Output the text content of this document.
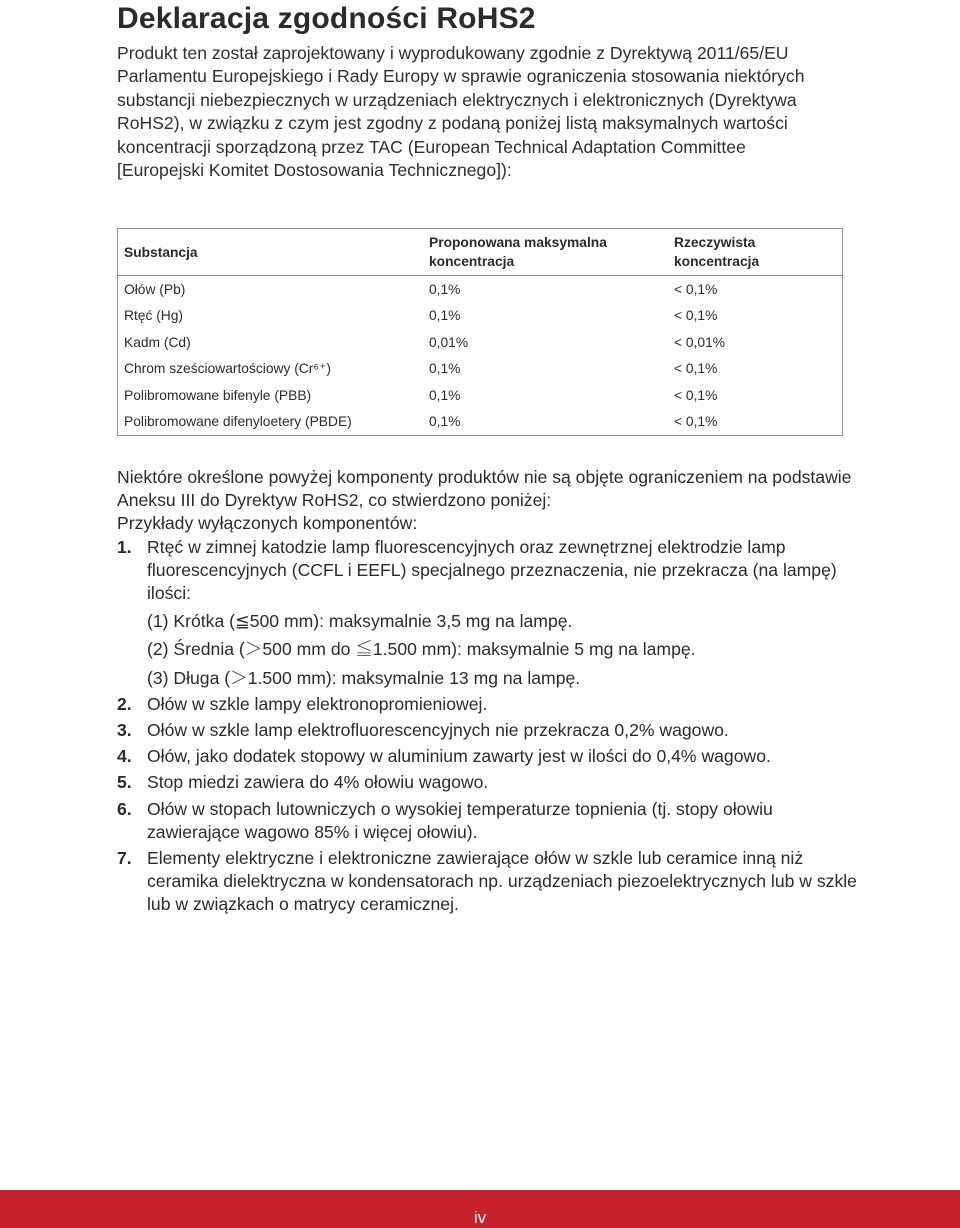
Deklaracja zgodności RoHS2

Produkt ten został zaprojektowany i wyprodukowany zgodnie z Dyrektywą 2011/65/EU Parlamentu Europejskiego i Rady Europy w sprawie ograniczenia stosowania niektórych substancji niebezpiecznych w urządzeniach elektrycznych i elektronicznych (Dyrektywa RoHS2), w związku z czym jest zgodny z podaną poniżej listą maksymalnych wartości koncentracji sporządzoną przez TAC (European Technical Adaptation Committee [Europejski Komitet Dostosowania Technicznego]):

Substancja	Proponowana maksymalna koncentracja	Rzeczywista koncentracja
Ołów (Pb)	0,1%	< 0,1%
Rtęć (Hg)	0,1%	< 0,1%
Kadm (Cd)	0,01%	< 0,01%
Chrom sześciowartościowy (Cr⁶⁺)	0,1%	< 0,1%
Polibromowane bifenyle (PBB)	0,1%	< 0,1%
Polibromowane difenyloetery (PBDE)	0,1%	< 0,1%

Niektóre określone powyżej komponenty produktów nie są objęte ograniczeniem na podstawie Aneksu III do Dyrektyw RoHS2, co stwierdzono poniżej:

Przykłady wyłączonych komponentów:

1. Rtęć w zimnej katodzie lamp fluorescencyjnych oraz zewnętrznej elektrodzie lamp fluorescencyjnych (CCFL i EEFL) specjalnego przeznaczenia, nie przekracza (na lampę) ilości:
(1) Krótka (≦500 mm): maksymalnie 3,5 mg na lampę.
(2) Średnia (＞500 mm do ≦1.500 mm): maksymalnie 5 mg na lampę.
(3) Długa (＞1.500 mm): maksymalnie 13 mg na lampę.
2. Ołów w szkle lampy elektronopromieniowej.
3. Ołów w szkle lamp elektrofluorescencyjnych nie przekracza 0,2% wagowo.
4. Ołów, jako dodatek stopowy w aluminium zawarty jest w ilości do 0,4% wagowo.
5. Stop miedzi zawiera do 4% ołowiu wagowo.
6. Ołów w stopach lutowniczych o wysokiej temperaturze topnienia (tj. stopy ołowiu zawierające wagowo 85% i więcej ołowiu).
7. Elementy elektryczne i elektroniczne zawierające ołów w szkle lub ceramice inną niż ceramika dielektryczna w kondensatorach np. urządzeniach piezoelektrycznych lub w szkle lub w związkach o matrycy ceramicznej.
iv
